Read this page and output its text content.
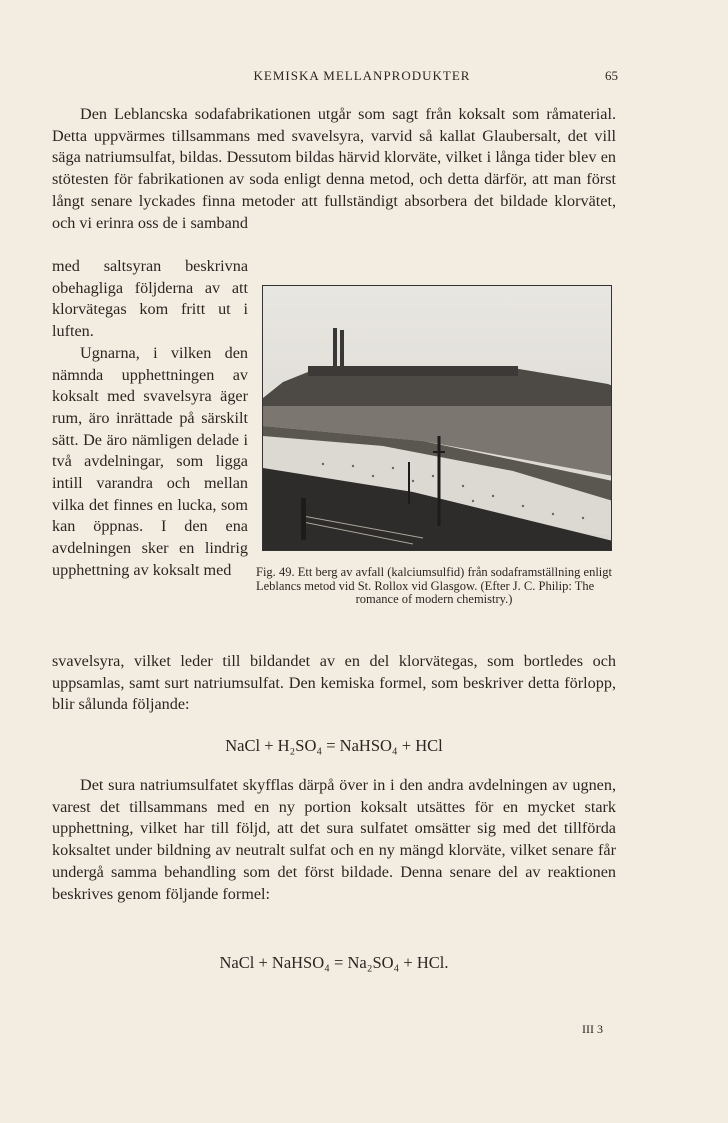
KEMISKA MELLANPRODUKTER	65

Den Leblancska sodafabrikationen utgår som sagt från koksalt som råmaterial. Detta uppvärmes tillsammans med svavelsyra, varvid så kallat Glaubersalt, det vill säga natriumsulfat, bildas. Dessutom bildas härvid klorväte, vilket i långa tider blev en stötesten för fabrikationen av soda enligt denna metod, och detta därför, att man först långt senare lyckades finna metoder att fullständigt absorbera det bildade klorvätet, och vi erinra oss de i samband

med saltsyran beskrivna obehagliga följderna av att klorvätegas kom fritt ut i luften.

Ugnarna, i vilken den nämnda upphettningen av koksalt med svavelsyra äger rum, äro inrättade på särskilt sätt. De äro nämligen delade i två avdelningar, som ligga intill varandra och mellan vilka det finnes en lucka, som kan öppnas. I den ena avdelningen sker en lindrig upphettning av koksalt med	Fig. 49. Ett berg av avfall (kalciumsulfid) från sodaframställning enligt Leblancs metod vid St. Rollox vid Glasgow. (Efter J. C. Philip: The
romance of modern chemistry.)

svavelsyra, vilket leder till bildandet av en del klorvätegas, som bortledes och uppsamlas, samt surt natriumsulfat. Den kemiska formel, som beskriver detta förlopp, blir sålunda följande:

NaCl + H₂SO₄ = NaHSO₄ + HCl

Det sura natriumsulfatet skyfflas därpå över in i den andra avdelningen av ugnen, varest det tillsammans med en ny portion koksalt utsättes för en mycket stark upphettning, vilket har till följd, att det sura sulfatet omsätter sig med det tillförda koksaltet under bildning av neutralt sulfat och en ny mängd klorväte, vilket senare får undergå samma behandling som det först bildade. Denna senare del av reaktionen beskrives genom följande formel:

NaCl + NaHSO₄ = Na₂SO₄ + HCl.
III 3
